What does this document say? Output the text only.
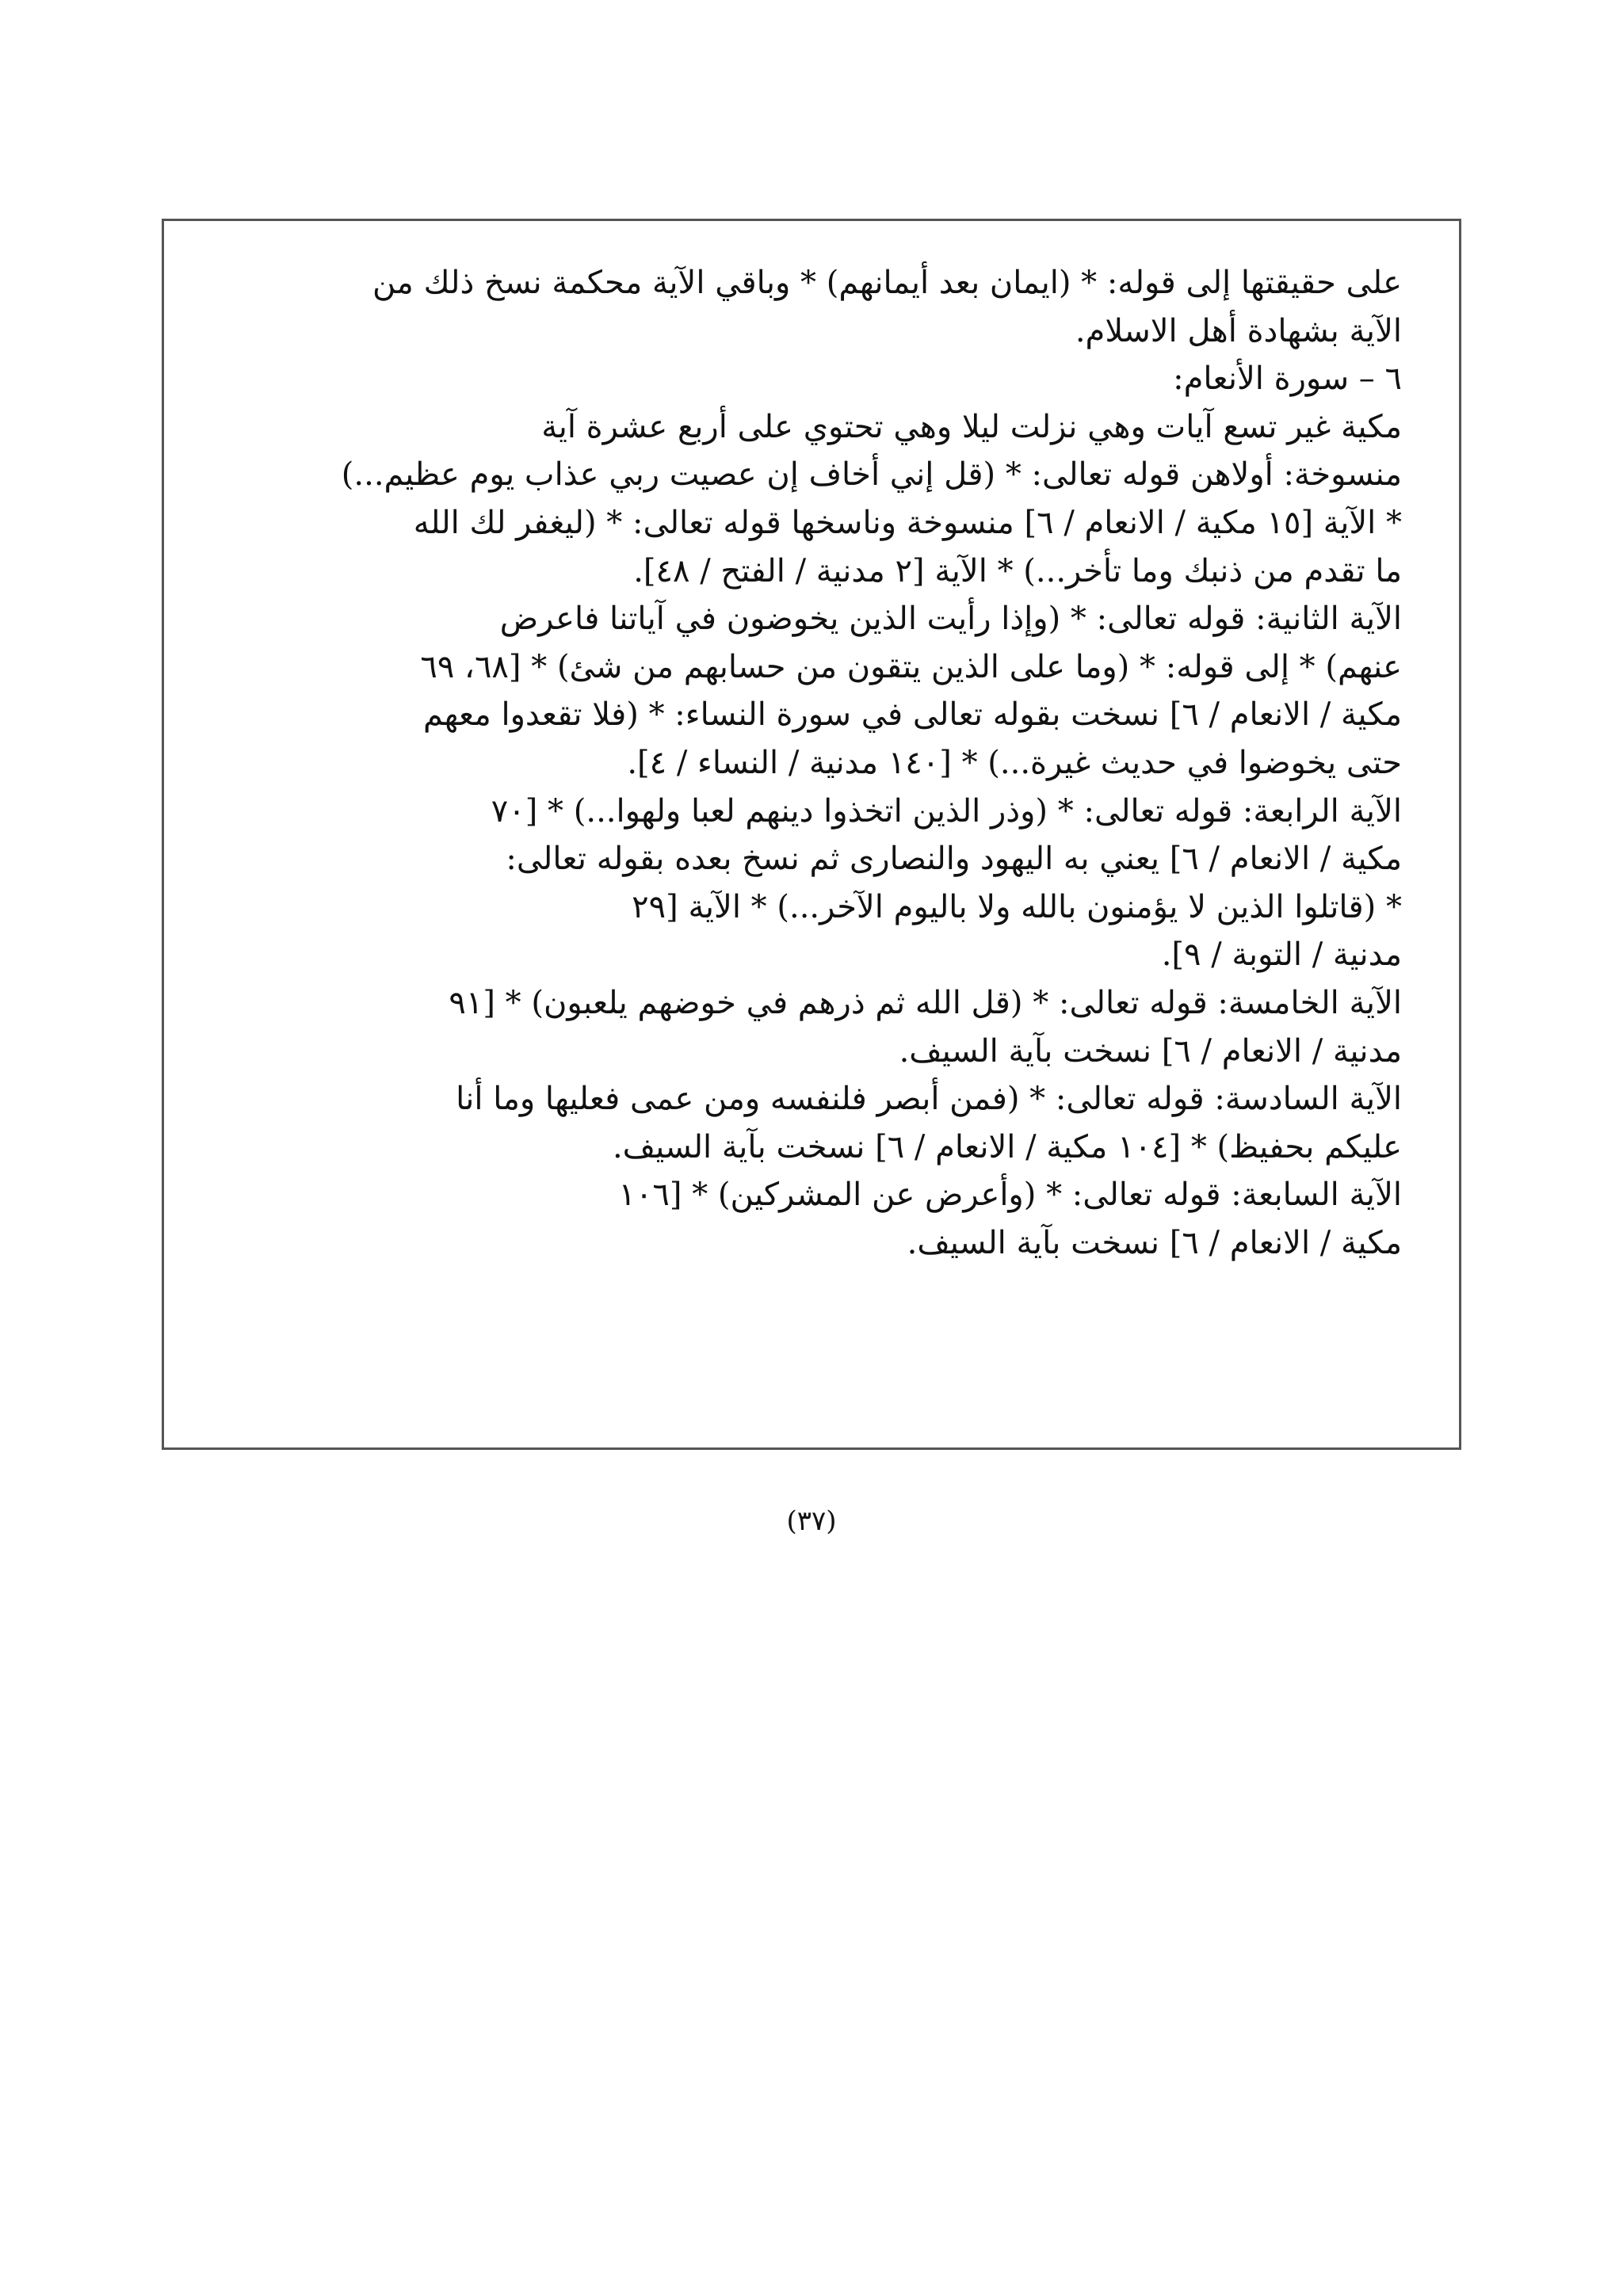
على حقيقتها إلى قوله: * (ايمان بعد أيمانهم) * وباقي الآية محكمة نسخ ذلك من
الآية بشهادة أهل الاسلام.
٦ – سورة الأنعام:
مكية غير تسع آيات وهي نزلت ليلا وهي تحتوي على أربع عشرة آية
منسوخة: أولاهن قوله تعالى: * (قل إني أخاف إن عصيت ربي عذاب يوم عظيم...)
* الآية [١٥ مكية / الانعام / ٦] منسوخة وناسخها قوله تعالى: * (ليغفر لك الله
ما تقدم من ذنبك وما تأخر...) * الآية [٢ مدنية / الفتح / ٤٨].
الآية الثانية: قوله تعالى: * (وإذا رأيت الذين يخوضون في آياتنا فاعرض
عنهم) * إلى قوله: * (وما على الذين يتقون من حسابهم من شئ) * [٦٨، ٦٩
مكية / الانعام / ٦] نسخت بقوله تعالى في سورة النساء: * (فلا تقعدوا معهم
حتى يخوضوا في حديث غيرة...) * [١٤٠ مدنية / النساء / ٤].
الآية الرابعة: قوله تعالى: * (وذر الذين اتخذوا دينهم لعبا ولهوا...) * [٧٠
مكية / الانعام / ٦] يعني به اليهود والنصارى ثم نسخ بعده بقوله تعالى:
* (قاتلوا الذين لا يؤمنون بالله ولا باليوم الآخر...) * الآية [٢٩
مدنية / التوبة / ٩].
الآية الخامسة: قوله تعالى: * (قل الله ثم ذرهم في خوضهم يلعبون) * [٩١
مدنية / الانعام / ٦] نسخت بآية السيف.
الآية السادسة: قوله تعالى: * (فمن أبصر فلنفسه ومن عمى فعليها وما أنا
عليكم بحفيظ) * [١٠٤ مكية / الانعام / ٦] نسخت بآية السيف.
الآية السابعة: قوله تعالى: * (وأعرض عن المشركين) * [١٠٦
مكية / الانعام / ٦] نسخت بآية السيف.
(٣٧)
